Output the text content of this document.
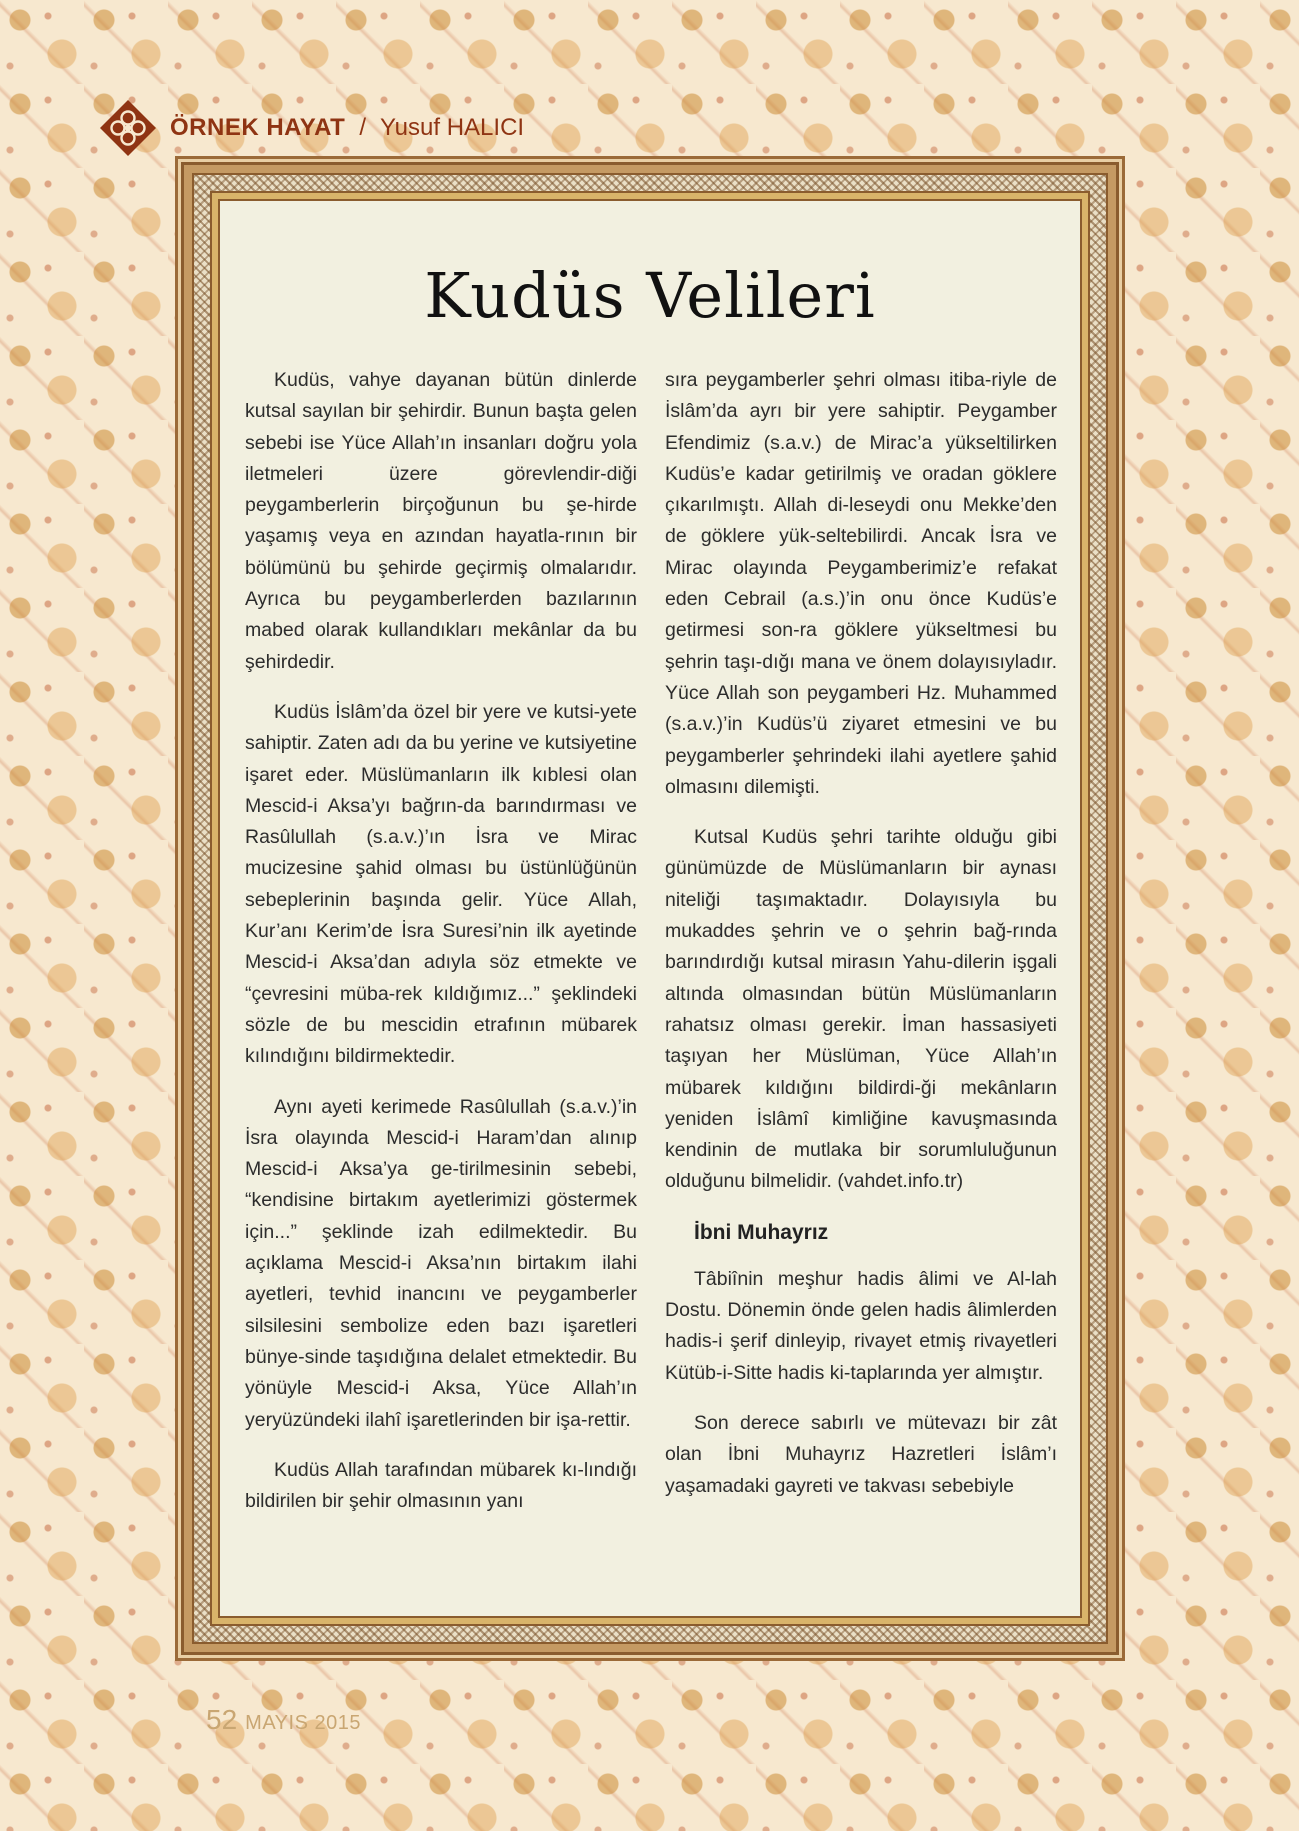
ÖRNEK HAYAT / Yusuf HALICI
Kudüs Velileri

Kudüs, vahye dayanan bütün dinlerde kutsal sayılan bir şehirdir. Bunun başta gelen sebebi ise Yüce Allah’ın insanları doğru yola iletmeleri üzere görevlendir-diği peygamberlerin birçoğunun bu şe-hirde yaşamış veya en azından hayatla-rının bir bölümünü bu şehirde geçirmiş olmalarıdır. Ayrıca bu peygamberlerden bazılarının mabed olarak kullandıkları mekânlar da bu şehirdedir.

Kudüs İslâm’da özel bir yere ve kutsi-yete sahiptir. Zaten adı da bu yerine ve kutsiyetine işaret eder. Müslümanların ilk kıblesi olan Mescid-i Aksa’yı bağrın-da barındırması ve Rasûlullah (s.a.v.)’ın İsra ve Mirac mucizesine şahid olması bu üstünlüğünün sebeplerinin başında gelir. Yüce Allah, Kur’anı Kerim’de İsra Suresi’nin ilk ayetinde Mescid-i Aksa’dan adıyla söz etmekte ve “çevresini müba-rek kıldığımız...” şeklindeki sözle de bu mescidin etrafının mübarek kılındığını bildirmektedir.

Aynı ayeti kerimede Rasûlullah (s.a.v.)’in İsra olayında Mescid-i Haram’dan alınıp Mescid-i Aksa’ya ge-tirilmesinin sebebi, “kendisine birtakım ayetlerimizi göstermek için...” şeklinde izah edilmektedir. Bu açıklama Mescid-i Aksa’nın birtakım ilahi ayetleri, tevhid inancını ve peygamberler silsilesini sembolize eden bazı işaretleri bünye-sinde taşıdığına delalet etmektedir. Bu yönüyle Mescid-i Aksa, Yüce Allah’ın yeryüzündeki ilahî işaretlerinden bir işa-rettir.

Kudüs Allah tarafından mübarek kı-lındığı bildirilen bir şehir olmasının yanı

sıra peygamberler şehri olması itiba-riyle de İslâm’da ayrı bir yere sahiptir. Peygamber Efendimiz (s.a.v.) de Mirac’a yükseltilirken Kudüs’e kadar getirilmiş ve oradan göklere çıkarılmıştı. Allah di-leseydi onu Mekke’den de göklere yük-seltebilirdi. Ancak İsra ve Mirac olayında Peygamberimiz’e refakat eden Cebrail (a.s.)’in onu önce Kudüs’e getirmesi son-ra göklere yükseltmesi bu şehrin taşı-dığı mana ve önem dolayısıyladır. Yüce Allah son peygamberi Hz. Muhammed (s.a.v.)’in Kudüs’ü ziyaret etmesini ve bu peygamberler şehrindeki ilahi ayetlere şahid olmasını dilemişti.

Kutsal Kudüs şehri tarihte olduğu gibi günümüzde de Müslümanların bir aynası niteliği taşımaktadır. Dolayısıyla bu mukaddes şehrin ve o şehrin bağ-rında barındırdığı kutsal mirasın Yahu-dilerin işgali altında olmasından bütün Müslümanların rahatsız olması gerekir. İman hassasiyeti taşıyan her Müslüman, Yüce Allah’ın mübarek kıldığını bildirdi-ği mekânların yeniden İslâmî kimliğine kavuşmasında kendinin de mutlaka bir sorumluluğunun olduğunu bilmelidir. (vahdet.info.tr)

İbni Muhayrız

Tâbiînin meşhur hadis âlimi ve Al-lah Dostu. Dönemin önde gelen hadis âlimlerden hadis-i şerif dinleyip, rivayet etmiş rivayetleri Kütüb-i-Sitte hadis ki-taplarında yer almıştır.

Son derece sabırlı ve mütevazı bir zât olan İbni Muhayrız Hazretleri İslâm’ı yaşamadaki gayreti ve takvası sebebiyle

52 MAYIS 2015
